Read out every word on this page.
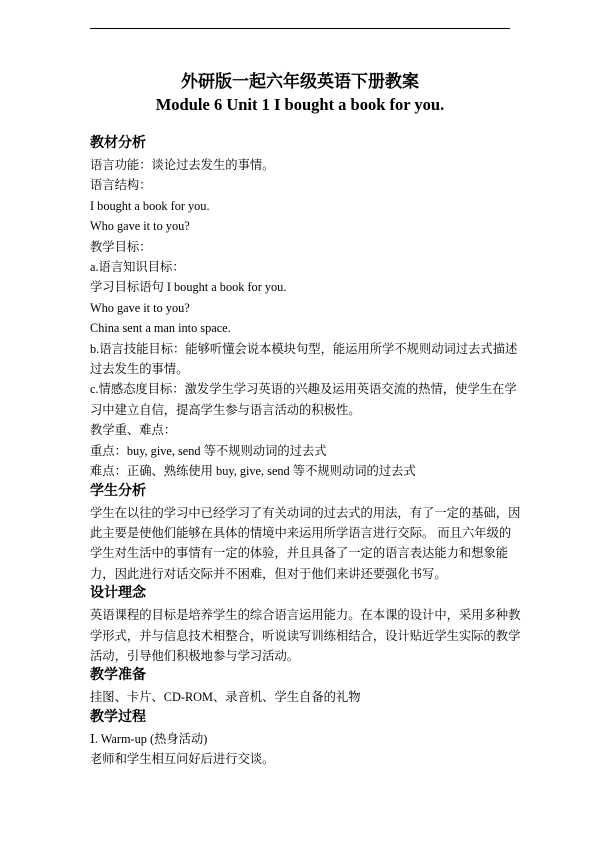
外研版一起六年级英语下册教案
Module 6 Unit 1 I bought a book for you.
教材分析
语言功能：谈论过去发生的事情。
语言结构：
I bought a book for you.
Who gave it to you?
教学目标：
a.语言知识目标：
学习目标语句 I bought a book for you.
Who gave it to you?
China sent a man into space.
b.语言技能目标：能够听懂会说本模块句型，能运用所学不规则动词过去式描述
过去发生的事情。
c.情感态度目标：激发学生学习英语的兴趣及运用英语交流的热情，使学生在学
习中建立自信，提高学生参与语言活动的积极性。
教学重、难点：
重点：buy, give, send 等不规则动词的过去式
难点：正确、熟练使用 buy, give, send 等不规则动词的过去式
学生分析
学生在以往的学习中已经学习了有关动词的过去式的用法，有了一定的基础，因
此主要是使他们能够在具体的情境中来运用所学语言进行交际。 而且六年级的
学生对生活中的事情有一定的体验，并且具备了一定的语言表达能力和想象能
力，因此进行对话交际并不困难，但对于他们来讲还要强化书写。
设计理念
英语课程的目标是培养学生的综合语言运用能力。在本课的设计中，采用多种教
学形式，并与信息技术相整合，听说读写训练相结合，设计贴近学生实际的教学
活动，引导他们积极地参与学习活动。
教学准备
挂图、卡片、CD-ROM、录音机、学生自备的礼物
教学过程
Ⅰ. Warm-up (热身活动)
老师和学生相互问好后进行交谈。
